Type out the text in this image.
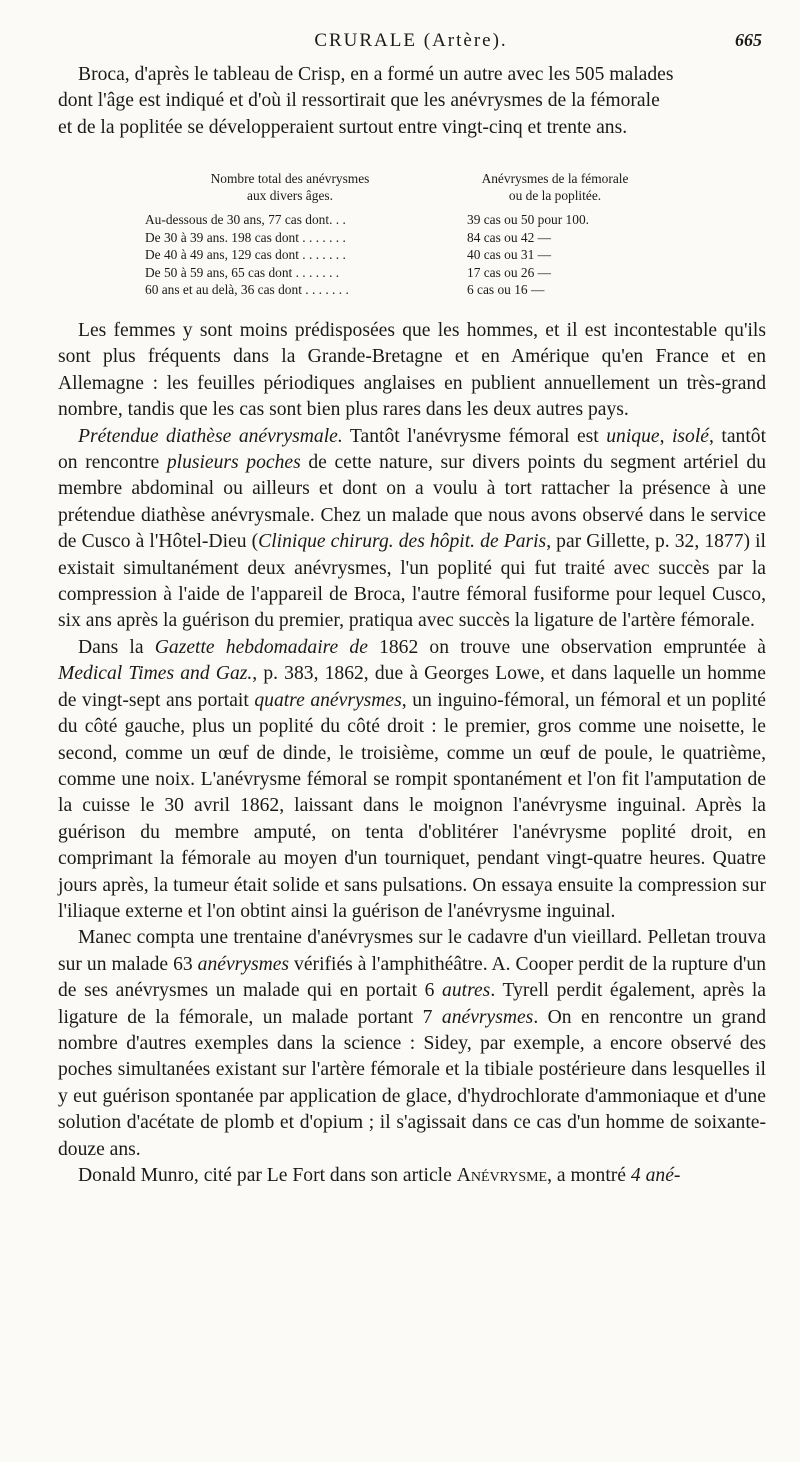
CRURALE (Artère).	665

Broca, d'après le tableau de Crisp, en a formé un autre avec les 505 malades

dont l'âge est indiqué et d'où il ressortirait que les anévrysmes de la fémorale

et de la poplitée se développeraient surtout entre vingt-cinq et trente ans.

Nombre total des anévrysmes
aux divers âges.
Anévrysmes de la fémorale
ou de la poplitée.
Au-dessous de 30 ans, 77 cas dont. . .	39 cas ou 50 pour 100.
De 30 à 39 ans. 198 cas dont . . . . . . .	84 cas ou 42 —
De 40 à 49 ans, 129 cas dont . . . . . . .	40 cas ou 31 —
De 50 à 59 ans, 65 cas dont . . . . . . .	17 cas ou 26 —
60 ans et au delà, 36 cas dont . . . . . . .	6 cas ou 16 —

Les femmes y sont moins prédisposées que les hommes, et il est incontestable qu'ils sont plus fréquents dans la Grande-Bretagne et en Amérique qu'en France et en Allemagne : les feuilles périodiques anglaises en publient annuellement un très-grand nombre, tandis que les cas sont bien plus rares dans les deux autres pays.

Prétendue diathèse anévrysmale. Tantôt l'anévrysme fémoral est unique, isolé, tantôt on rencontre plusieurs poches de cette nature, sur divers points du segment artériel du membre abdominal ou ailleurs et dont on a voulu à tort rattacher la présence à une prétendue diathèse anévrysmale. Chez un malade que nous avons observé dans le service de Cusco à l'Hôtel-Dieu (Clinique chirurg. des hôpit. de Paris, par Gillette, p. 32, 1877) il existait simultanément deux anévrysmes, l'un poplité qui fut traité avec succès par la compression à l'aide de l'appareil de Broca, l'autre fémoral fusiforme pour lequel Cusco, six ans après la guérison du premier, pratiqua avec succès la ligature de l'artère fémorale.

Dans la Gazette hebdomadaire de 1862 on trouve une observation empruntée à Medical Times and Gaz., p. 383, 1862, due à Georges Lowe, et dans laquelle un homme de vingt-sept ans portait quatre anévrysmes, un inguino-fémoral, un fémoral et un poplité du côté gauche, plus un poplité du côté droit : le premier, gros comme une noisette, le second, comme un œuf de dinde, le troisième, comme un œuf de poule, le quatrième, comme une noix. L'anévrysme fémoral se rompit spontanément et l'on fit l'amputation de la cuisse le 30 avril 1862, laissant dans le moignon l'anévrysme inguinal. Après la guérison du membre amputé, on tenta d'oblitérer l'anévrysme poplité droit, en comprimant la fémorale au moyen d'un tourniquet, pendant vingt-quatre heures. Quatre jours après, la tumeur était solide et sans pulsations. On essaya ensuite la compression sur l'iliaque externe et l'on obtint ainsi la guérison de l'anévrysme inguinal.

Manec compta une trentaine d'anévrysmes sur le cadavre d'un vieillard. Pelletan trouva sur un malade 63 anévrysmes vérifiés à l'amphithéâtre. A. Cooper perdit de la rupture d'un de ses anévrysmes un malade qui en portait 6 autres. Tyrell perdit également, après la ligature de la fémorale, un malade portant 7 anévrysmes. On en rencontre un grand nombre d'autres exemples dans la science : Sidey, par exemple, a encore observé des poches simultanées existant sur l'artère fémorale et la tibiale postérieure dans lesquelles il y eut guérison spontanée par application de glace, d'hydrochlorate d'ammoniaque et d'une solution d'acétate de plomb et d'opium ; il s'agissait dans ce cas d'un homme de soixante-douze ans.

Donald Munro, cité par Le Fort dans son article Anévrysme, a montré 4 ané-
